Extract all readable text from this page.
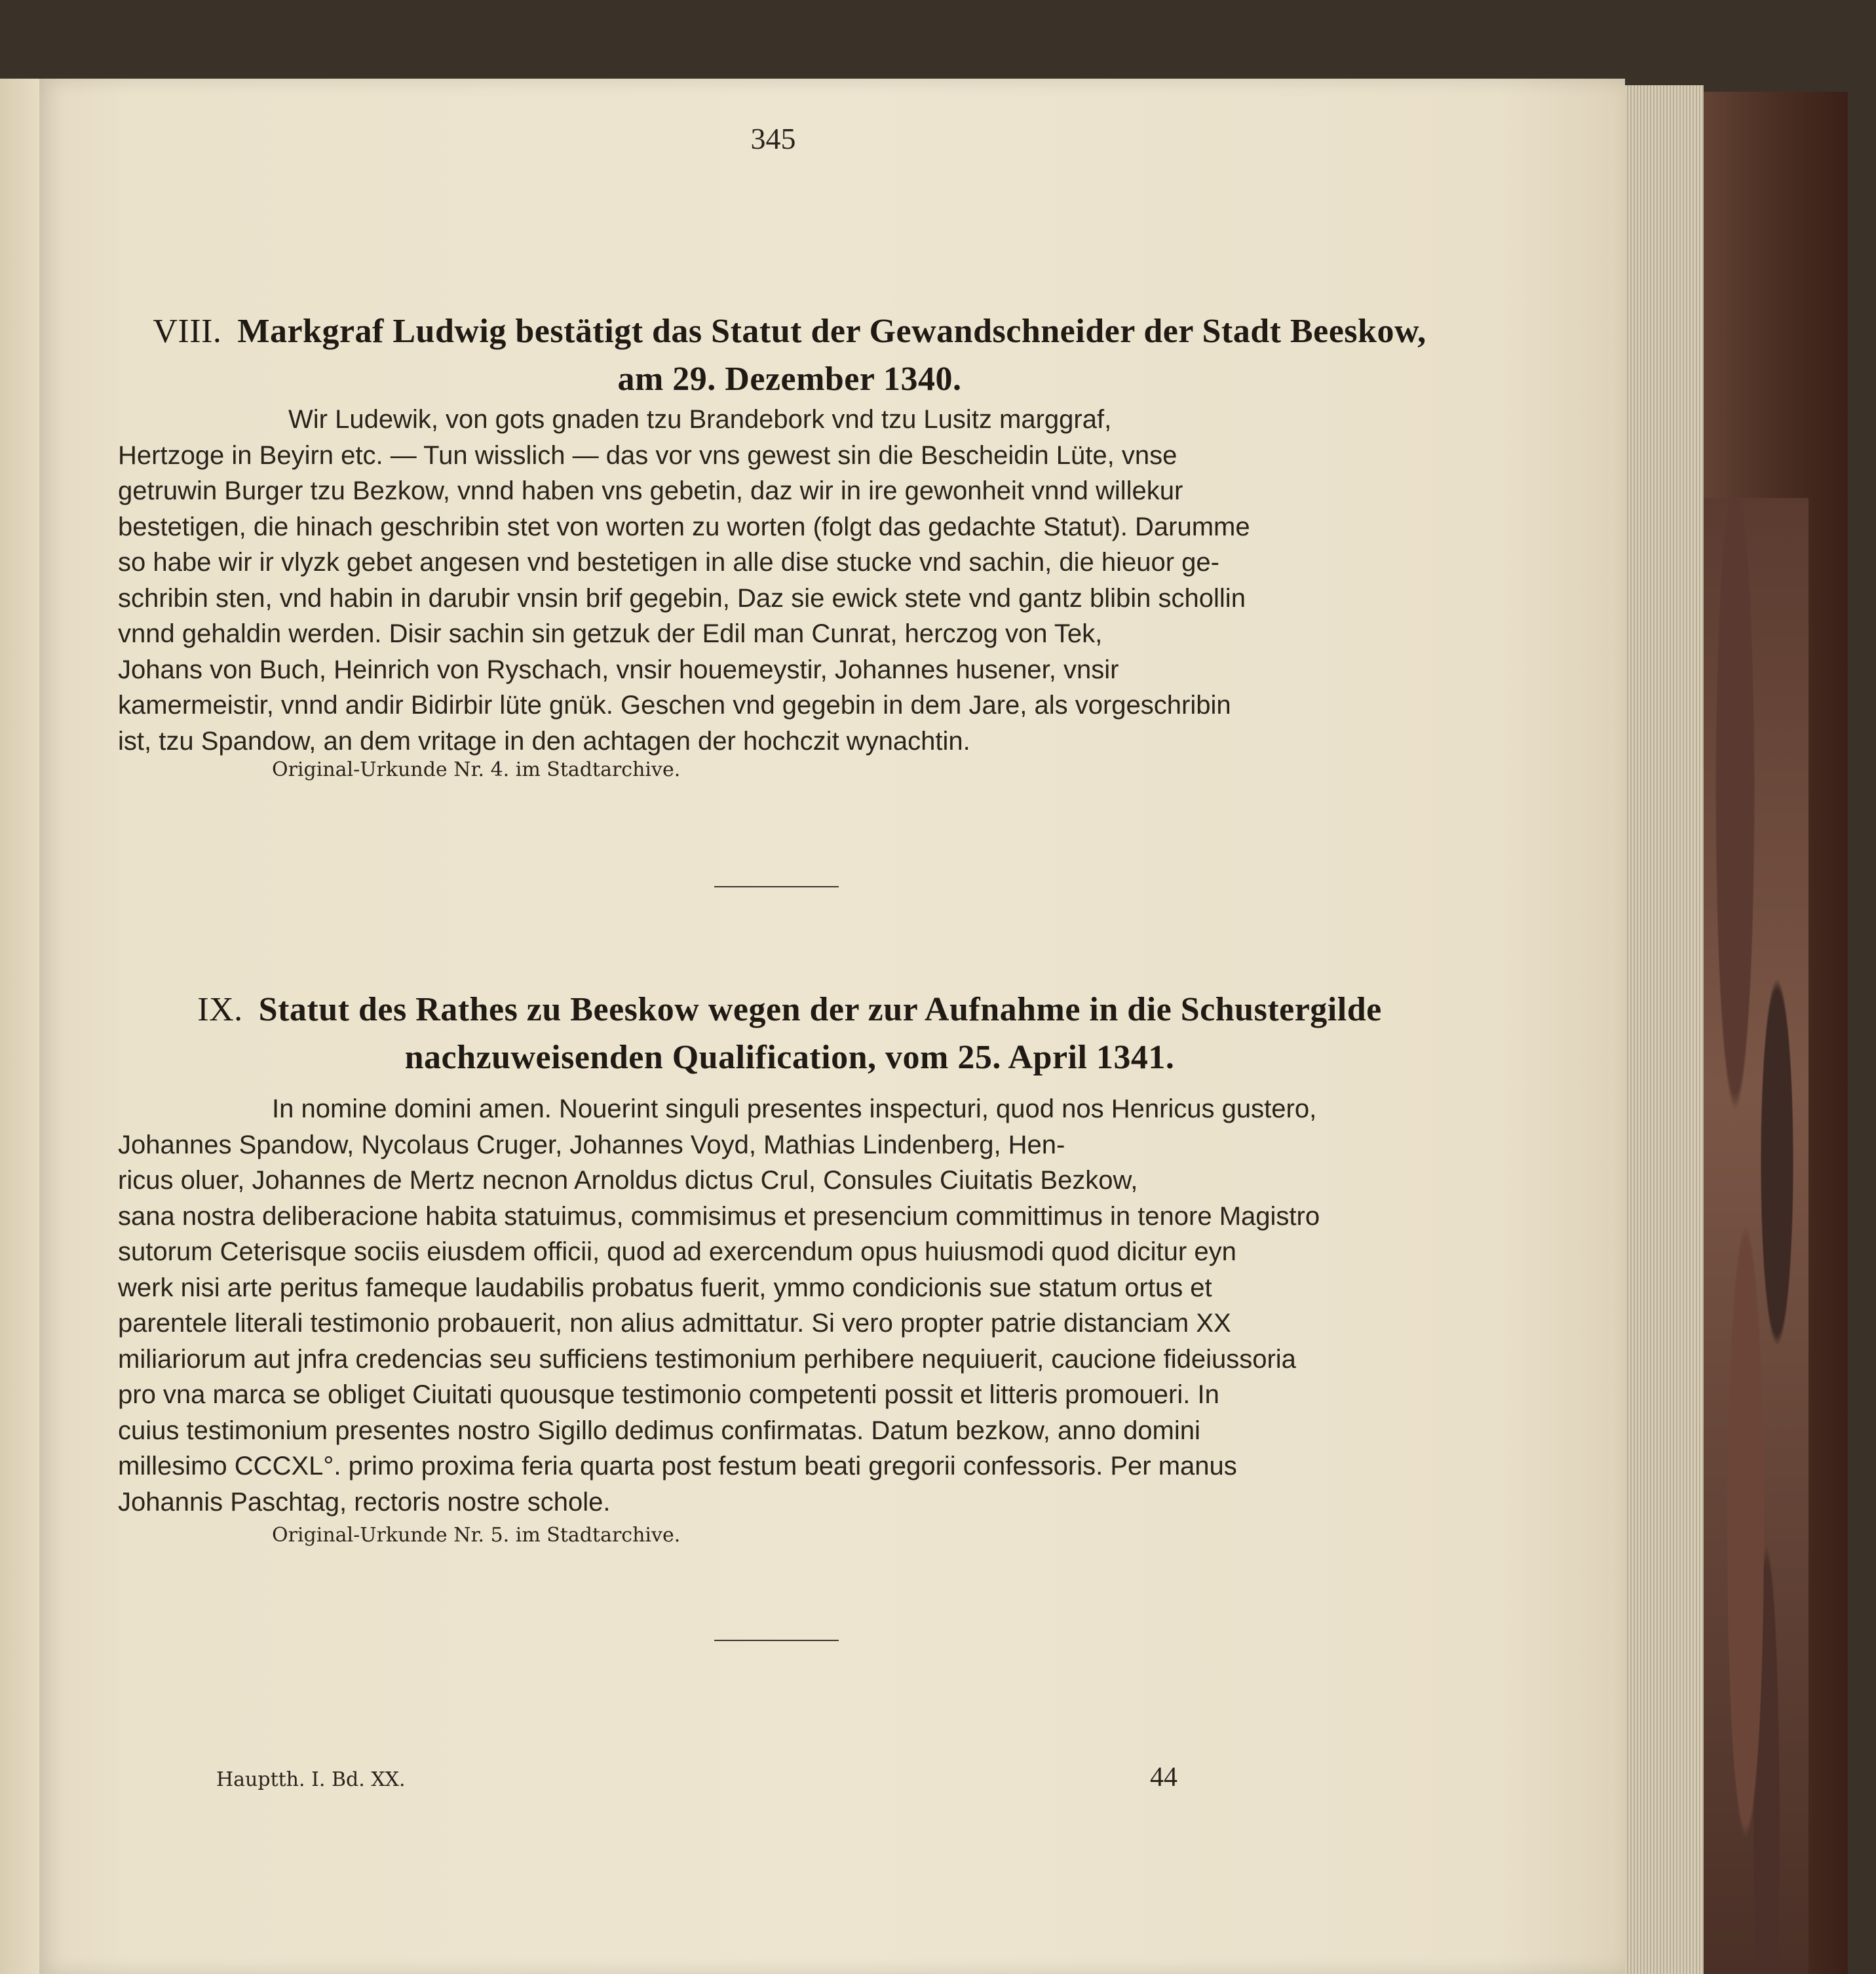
345
VIII. Markgraf Ludwig bestätigt das Statut der Gewandschneider der Stadt Beeskow,
am 29. Dezember 1340.
Wir Ludewik, von gots gnaden tzu Brandebork vnd tzu Lusitz marggraf,
Hertzoge in Beyirn etc. — Tun wisslich — das vor vns gewest sin die Bescheidin Lüte, vnse
getruwin Burger tzu Bezkow, vnnd haben vns gebetin, daz wir in ire gewonheit vnnd willekur
bestetigen, die hinach geschribin stet von worten zu worten (folgt das gedachte Statut). Darumme
so habe wir ir vlyzk gebet angesen vnd bestetigen in alle dise stucke vnd sachin, die hieuor ge-
schribin sten, vnd habin in darubir vnsin brif gegebin, Daz sie ewick stete vnd gantz blibin schollin
vnnd gehaldin werden. Disir sachin sin getzuk der Edil man Cunrat, herczog von Tek,
Johans von Buch, Heinrich von Ryschach, vnsir houemeystir, Johannes husener, vnsir
kamermeistir, vnnd andir Bidirbir lüte gnük. Geschen vnd gegebin in dem Jare, als vorgeschribin
ist, tzu Spandow, an dem vritage in den achtagen der hochczit wynachtin.
Original-Urkunde Nr. 4. im Stadtarchive.
IX. Statut des Rathes zu Beeskow wegen der zur Aufnahme in die Schustergilde
nachzuweisenden Qualification, vom 25. April 1341.
In nomine domini amen. Nouerint singuli presentes inspecturi, quod nos Henricus gustero,
Johannes Spandow, Nycolaus Cruger, Johannes Voyd, Mathias Lindenberg, Hen-
ricus oluer, Johannes de Mertz necnon Arnoldus dictus Crul, Consules Ciuitatis Bezkow,
sana nostra deliberacione habita statuimus, commisimus et presencium committimus in tenore Magistro
sutorum Ceterisque sociis eiusdem officii, quod ad exercendum opus huiusmodi quod dicitur eyn
werk nisi arte peritus fameque laudabilis probatus fuerit, ymmo condicionis sue statum ortus et
parentele literali testimonio probauerit, non alius admittatur. Si vero propter patrie distanciam XX
miliariorum aut jnfra credencias seu sufficiens testimonium perhibere nequiuerit, caucione fideiussoria
pro vna marca se obliget Ciuitati quousque testimonio competenti possit et litteris promoueri. In
cuius testimonium presentes nostro Sigillo dedimus confirmatas. Datum bezkow, anno domini
millesimo CCCXL°. primo proxima feria quarta post festum beati gregorii confessoris. Per manus
Johannis Paschtag, rectoris nostre schole.
Original-Urkunde Nr. 5. im Stadtarchive.
Hauptth. I. Bd. XX.	44
